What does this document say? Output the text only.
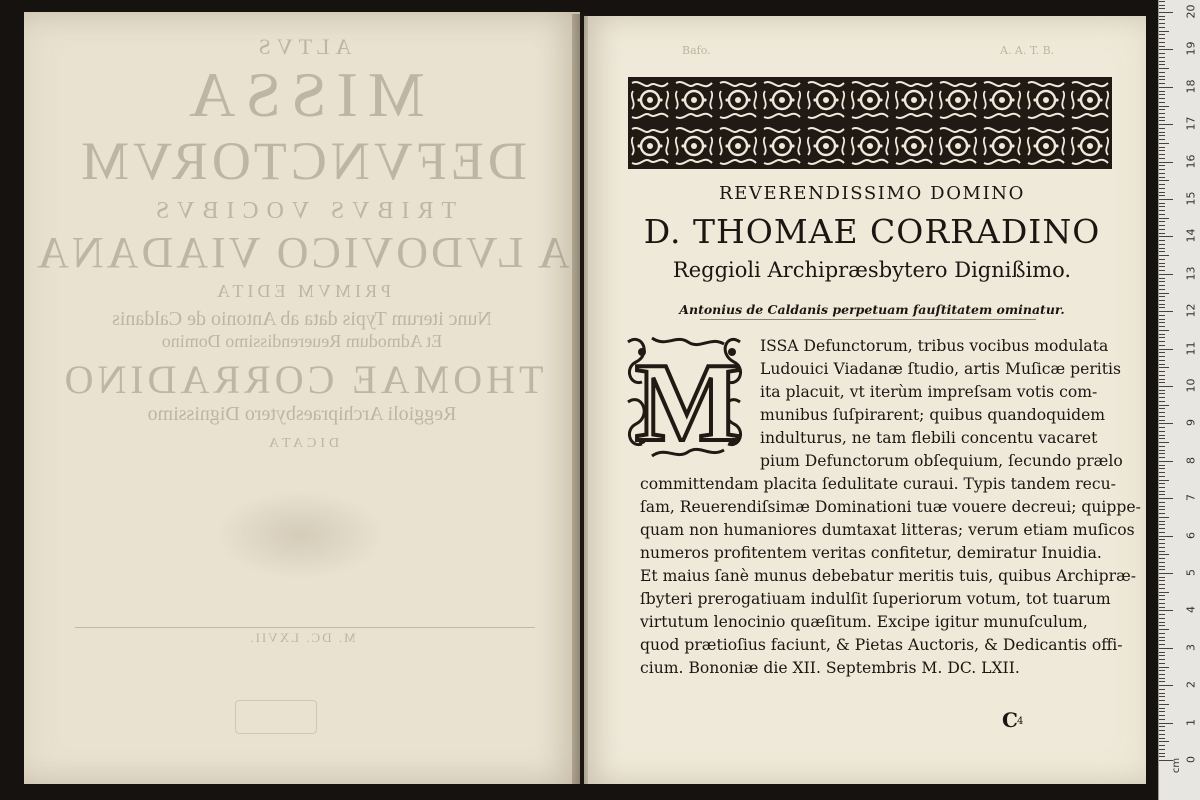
ALTVS
MISSA
DEFVNCTORVM
TRIBVS VOCIBVS
A LVDOVICO VIADANA
PRIMVM EDITA
Nunc iterum Typis data ab Antonio de Caldanis
Et Admodum Reuerendissimo Domino
THOMAE CORRADINO
Reggioli Archipraesbytero Dignissimo
DICATA
M. DC. LXVII.
A. A. T. B.
Bafo.
REVERENDISSIMO DOMINO
D. THOMAE CORRADINO
Reggioli Archipræsbytero Dignißimo.
Antonius de Caldanis perpetuam fauſtitatem ominatur.
M ISSA Defunctorum, tribus vocibus modulata
Ludouici Viadanæ ſtudio, artis Muſicæ peritis
ita placuit, vt iterùm impreſsam votis com-
munibus ſuſpirarent; quibus quandoquidem
indulturus, ne tam flebili concentu vacaret
pium Defunctorum obſequium, ſecundo prælo
committendam placita ſedulitate curaui. Typis tandem recu-
ſam, Reuerendiſsimæ Dominationi tuæ vouere decreui; quippe-
quam non humaniores dumtaxat litteras; verum etiam muſicos
numeros profitentem veritas confitetur, demiratur Inuidia.
Et maius ſanè munus debebatur meritis tuis, quibus Archipræ-
ſbyteri prerogatiuam indulſit ſuperiorum votum, tot tuarum
virtutum lenocinio quæſitum. Excipe igitur munuſculum,
quod prætioſius faciunt, & Pietas Auctoris, & Dedicantis offi-
cium. Bononiæ die XII. Septembris M. DC. LXII.
C 4
0
1
2
3
4
5
6
7
8
9
10
11
12
13
14
15
16
17
18
19
20
cm
